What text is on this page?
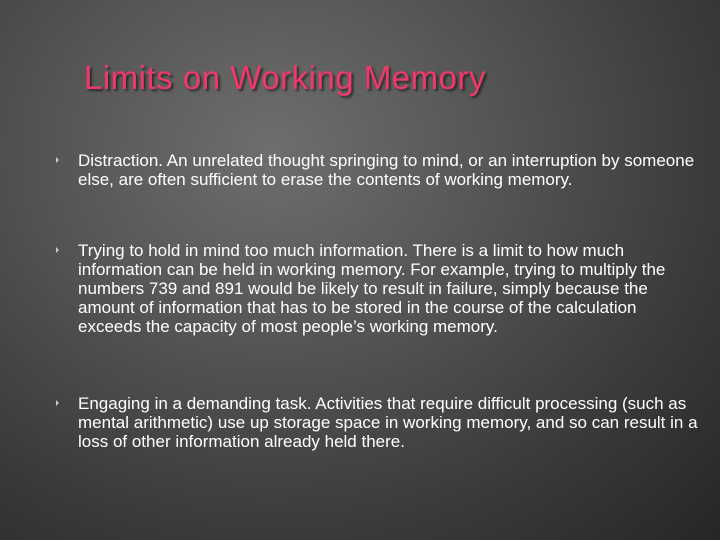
Limits on Working Memory
Distraction. An unrelated thought springing to mind, or an interruption by someone else, are often sufficient to erase the contents of working memory.
Trying to hold in mind too much information. There is a limit to how much information can be held in working memory. For example, trying to multiply the numbers 739 and 891 would be likely to result in failure, simply because the amount of information that has to be stored in the course of the calculation exceeds the capacity of most people’s working memory.
Engaging in a demanding task. Activities that require difficult processing (such as mental arithmetic) use up storage space in working memory, and so can result in a loss of other information already held there.
